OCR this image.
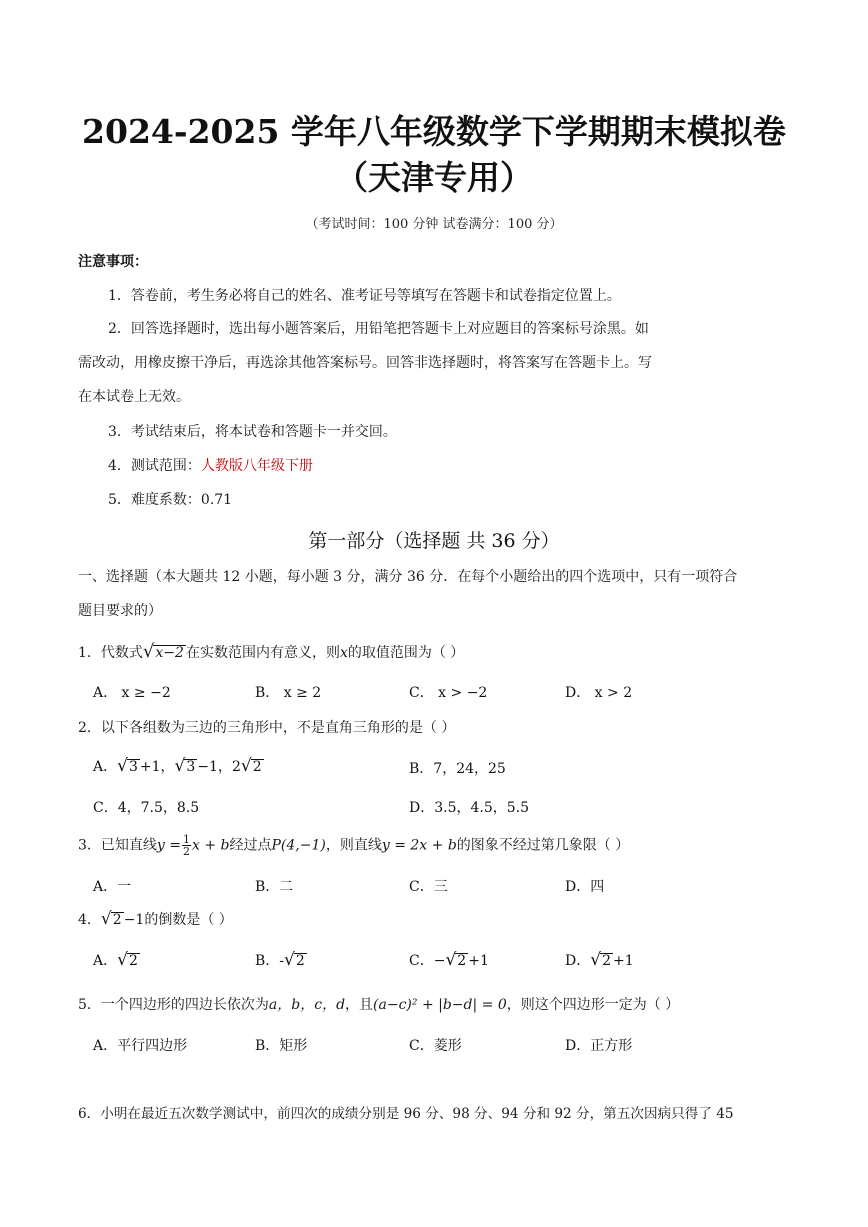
2024-2025 学年八年级数学下学期期末模拟卷
（天津专用）
（考试时间：100 分钟 试卷满分：100 分）
注意事项：
1．答卷前，考生务必将自己的姓名、准考证号等填写在答题卡和试卷指定位置上。
2．回答选择题时，选出每小题答案后，用铅笔把答题卡上对应题目的答案标号涂黑。如
需改动，用橡皮擦干净后，再选涂其他答案标号。回答非选择题时，将答案写在答题卡上。写
在本试卷上无效。
3．考试结束后，将本试卷和答题卡一并交回。
4．测试范围：人教版八年级下册
5．难度系数：0.71
第一部分（选择题 共 36 分）
一、选择题（本大题共 12 小题，每小题 3 分，满分 36 分．在每个小题给出的四个选项中，只有一项符合
题目要求的）
1．代数式√x−2 在实数范围内有意义，则x的取值范围为（ ）
A． x ≥ −2	B． x ≥ 2	C． x > −2	D． x > 2
2．以下各组数为三边的三角形中，不是直角三角形的是（ ）
A．√3 +1，√3 −1，2√2	B．7，24，25
C．4，7.5，8.5	D．3.5，4.5，5.5
3．已知直线$y = \frac{1}{2}$ x + b经过点P(4,−1)，则直线y = 2x + b的图象不经过第几象限（ ）
A．一	B．二	C．三	D．四
4．√2 −1的倒数是（ ）
A．√2	B．-√2	C．−√2 +1	D．√2 +1
5．一个四边形的四边长依次为a，b，c，d，且(a−c)² + |b−d| = 0，则这个四边形一定为（ ）
A．平行四边形	B．矩形	C．菱形	D．正方形
6．小明在最近五次数学测试中，前四次的成绩分别是 96 分、98 分、94 分和 92 分，第五次因病只得了 45
